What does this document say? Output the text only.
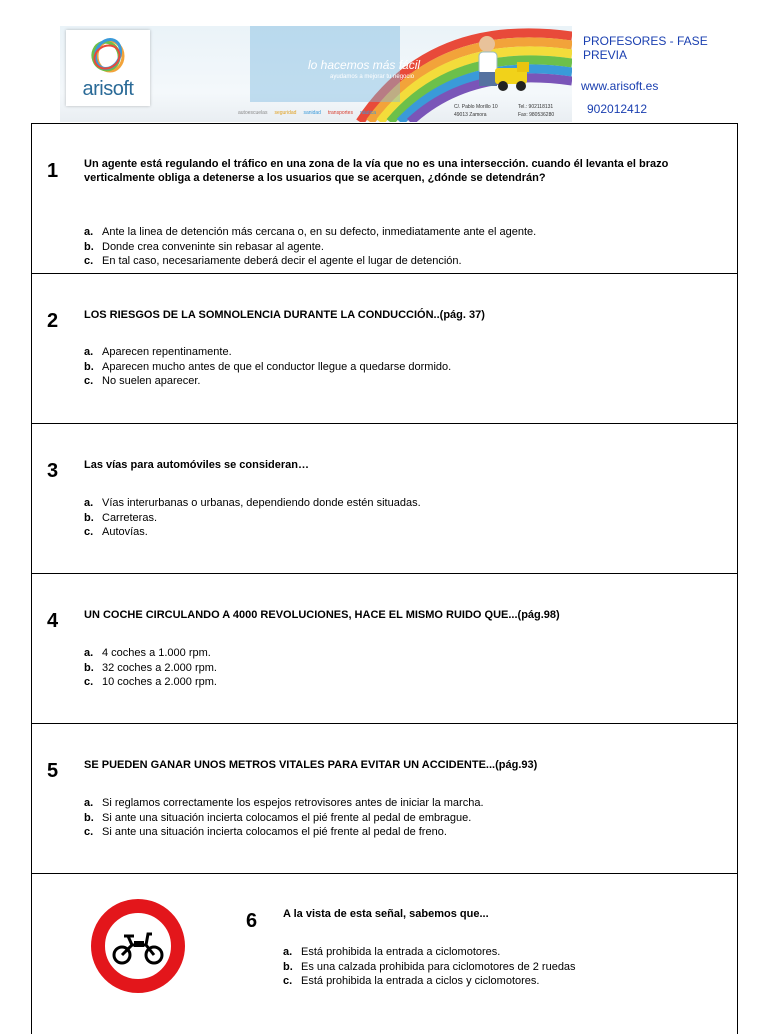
lo hacemos más fácil
ayudamos a mejorar tu negocio
autoescuelas seguridad sanidad transportes náutica
C/. Pablo Morillo 10
49013 Zamora
Tel.: 902118131
Fax: 980536280
arisoft
PROFESORES - FASE PREVIA
www.arisoft.es
902012412
1 Un agente está regulando el tráfico en una zona de la vía que no es una intersección. cuando él levanta el brazo verticalmente obliga a detenerse a los usuarios que se acerquen, ¿dónde se detendrán?
a. Ante la linea de detención más cercana o, en su defecto, inmediatamente ante el agente.
b. Donde crea conveninte sin rebasar al agente.
c. En tal caso, necesariamente deberá decir el agente el lugar de detención.
2 LOS RIESGOS DE LA SOMNOLENCIA DURANTE LA CONDUCCIÓN..(pág. 37)
a. Aparecen repentinamente.
b. Aparecen mucho antes de que el conductor llegue a quedarse dormido.
c. No suelen aparecer.
3 Las vías para automóviles se consideran…
a. Vías interurbanas o urbanas, dependiendo donde estén situadas.
b. Carreteras.
c. Autovías.
4 UN COCHE CIRCULANDO A 4000 REVOLUCIONES, HACE EL MISMO RUIDO QUE...(pág.98)
a. 4 coches a 1.000 rpm.
b. 32 coches a 2.000 rpm.
c. 10 coches a 2.000 rpm.
5 SE PUEDEN GANAR UNOS METROS VITALES PARA EVITAR UN ACCIDENTE...(pág.93)
a. Si reglamos correctamente los espejos retrovisores antes de iniciar la marcha.
b. Si ante una situación incierta colocamos el pié frente al pedal de embrague.
c. Si ante una situación incierta colocamos el pié frente al pedal de freno.
6 A la vista de esta señal, sabemos que...
a. Está prohibida la entrada a ciclomotores.
b. Es una calzada prohibida para ciclomotores de 2 ruedas
c. Está prohibida la entrada a ciclos y ciclomotores.
